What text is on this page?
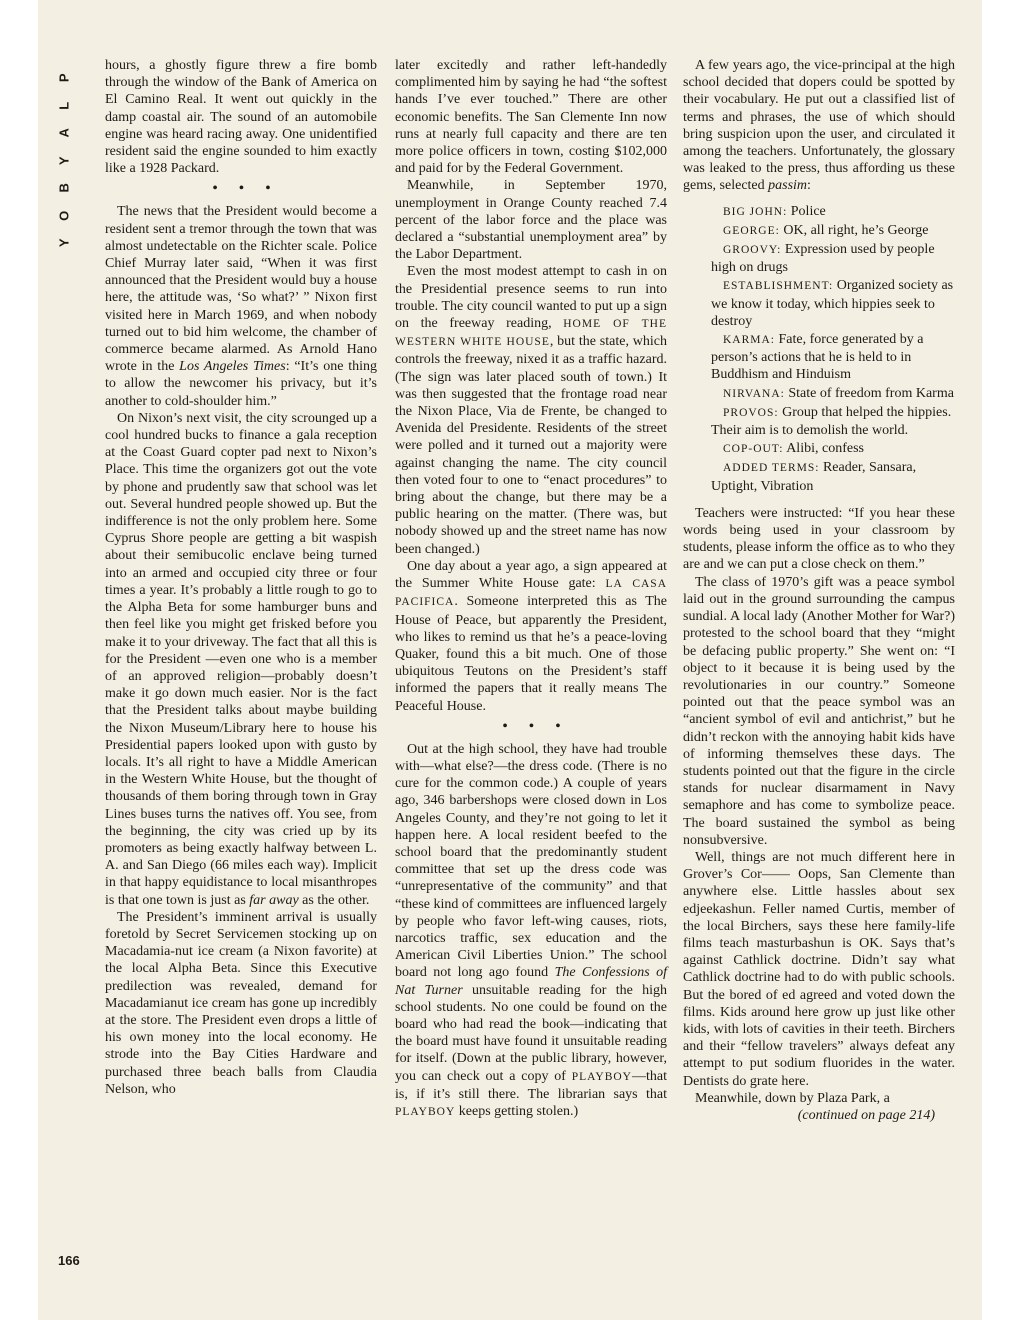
P
L
A
Y
B
O
Y
166

hours, a ghostly figure threw a fire bomb through the window of the Bank of America on El Camino Real. It went out quickly in the damp coastal air. The sound of an automobile engine was heard racing away. One unidentified resident said the engine sounded to him exactly like a 1928 Packard.

• • •

The news that the President would become a resident sent a tremor through the town that was almost undetectable on the Richter scale. Police Chief Murray later said, “When it was first announced that the President would buy a house here, the attitude was, ‘So what?’ ” Nixon first visited here in March 1969, and when nobody turned out to bid him welcome, the chamber of commerce became alarmed. As Arnold Hano wrote in the Los Angeles Times: “It’s one thing to allow the newcomer his privacy, but it’s another to cold-shoulder him.”

On Nixon’s next visit, the city scrounged up a cool hundred bucks to finance a gala reception at the Coast Guard copter pad next to Nixon’s Place. This time the organizers got out the vote by phone and prudently saw that school was let out. Several hundred people showed up. But the indifference is not the only problem here. Some Cyprus Shore people are getting a bit waspish about their semibucolic enclave being turned into an armed and occupied city three or four times a year. It’s probably a little rough to go to the Alpha Beta for some hamburger buns and then feel like you might get frisked before you make it to your driveway. The fact that all this is for the President —even one who is a member of an approved religion—probably doesn’t make it go down much easier. Nor is the fact that the President talks about maybe building the Nixon Museum/Library here to house his Presidential papers looked upon with gusto by locals. It’s all right to have a Middle American in the Western White House, but the thought of thousands of them boring through town in Gray Lines buses turns the natives off. You see, from the beginning, the city was cried up by its promoters as being exactly halfway between L. A. and San Diego (66 miles each way). Implicit in that happy equidistance to local misanthropes is that one town is just as far away as the other.

The President’s imminent arrival is usually foretold by Secret Servicemen stocking up on Macadamia-nut ice cream (a Nixon favorite) at the local Alpha Beta. Since this Executive predilection was revealed, demand for Macadamianut ice cream has gone up incredibly at the store. The President even drops a little of his own money into the local economy. He strode into the Bay Cities Hardware and purchased three beach balls from Claudia Nelson, who

later excitedly and rather left-handedly complimented him by saying he had “the softest hands I’ve ever touched.” There are other economic benefits. The San Clemente Inn now runs at nearly full capacity and there are ten more police officers in town, costing $102,000 and paid for by the Federal Government.

Meanwhile, in September 1970, unemployment in Orange County reached 7.4 percent of the labor force and the place was declared a “substantial unemployment area” by the Labor Department.

Even the most modest attempt to cash in on the Presidential presence seems to run into trouble. The city council wanted to put up a sign on the freeway reading, HOME OF THE WESTERN WHITE HOUSE, but the state, which controls the freeway, nixed it as a traffic hazard. (The sign was later placed south of town.) It was then suggested that the frontage road near the Nixon Place, Via de Frente, be changed to Avenida del Presidente. Residents of the street were polled and it turned out a majority were against changing the name. The city council then voted four to one to “enact procedures” to bring about the change, but there may be a public hearing on the matter. (There was, but nobody showed up and the street name has now been changed.)

One day about a year ago, a sign appeared at the Summer White House gate: LA CASA PACIFICA. Someone interpreted this as The House of Peace, but apparently the President, who likes to remind us that he’s a peace-loving Quaker, found this a bit much. One of those ubiquitous Teutons on the President’s staff informed the papers that it really means The Peaceful House.

• • •

Out at the high school, they have had trouble with—what else?—the dress code. (There is no cure for the common code.) A couple of years ago, 346 barbershops were closed down in Los Angeles County, and they’re not going to let it happen here. A local resident beefed to the school board that the predominantly student committee that set up the dress code was “unrepresentative of the community” and that “these kind of committees are influenced largely by people who favor left-wing causes, riots, narcotics traffic, sex education and the American Civil Liberties Union.” The school board not long ago found The Confessions of Nat Turner unsuitable reading for the high school students. No one could be found on the board who had read the book—indicating that the board must have found it unsuitable reading for itself. (Down at the public library, however, you can check out a copy of PLAYBOY—that is, if it’s still there. The librarian says that PLAYBOY keeps getting stolen.)

A few years ago, the vice-principal at the high school decided that dopers could be spotted by their vocabulary. He put out a classified list of terms and phrases, the use of which should bring suspicion upon the user, and circulated it among the teachers. Unfortunately, the glossary was leaked to the press, thus affording us these gems, selected passim:

BIG JOHN: Police

GEORGE: OK, all right, he’s George

GROOVY: Expression used by people high on drugs

ESTABLISHMENT: Organized society as we know it today, which hippies seek to destroy

KARMA: Fate, force generated by a person’s actions that he is held to in Buddhism and Hinduism

NIRVANA: State of freedom from Karma

PROVOS: Group that helped the hippies. Their aim is to demolish the world.

COP-OUT: Alibi, confess

ADDED TERMS: Reader, Sansara, Uptight, Vibration

Teachers were instructed: “If you hear these words being used in your classroom by students, please inform the office as to who they are and we can put a close check on them.”

The class of 1970’s gift was a peace symbol laid out in the ground surrounding the campus sundial. A local lady (Another Mother for War?) protested to the school board that they “might be defacing public property.” She went on: “I object to it because it is being used by the revolutionaries in our country.” Someone pointed out that the peace symbol was an “ancient symbol of evil and antichrist,” but he didn’t reckon with the annoying habit kids have of informing themselves these days. The students pointed out that the figure in the circle stands for nuclear disarmament in Navy semaphore and has come to symbolize peace. The board sustained the symbol as being nonsubversive.

Well, things are not much different here in Grover’s Cor—— Oops, San Clemente than anywhere else. Little hassles about sex edjeekashun. Feller named Curtis, member of the local Birchers, says these here family-life films teach masturbashun is OK. Says that’s against Cathlick doctrine. Didn’t say what Cathlick doctrine had to do with public schools. But the bored of ed agreed and voted down the films. Kids around here grow up just like other kids, with lots of cavities in their teeth. Birchers and their “fellow travelers” always defeat any attempt to put sodium fluorides in the water. Dentists do grate here.

Meanwhile, down by Plaza Park, a

(continued on page 214)
